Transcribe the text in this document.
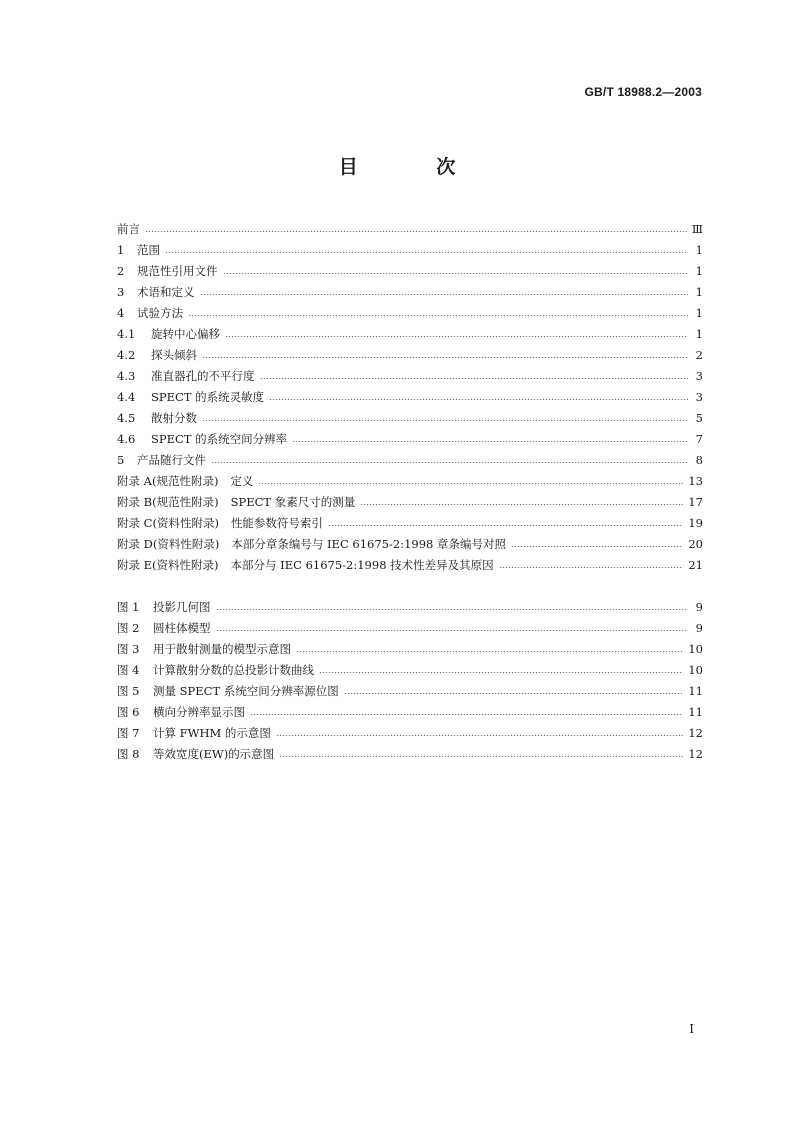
GB/T 18988.2—2003
目 次
前言	Ⅲ
1	范围	1
2	规范性引用文件	1
3	术语和定义	1
4	试验方法	1
4.1	旋转中心偏移	1
4.2	探头倾斜	2
4.3	准直器孔的不平行度	3
4.4	SPECT 的系统灵敏度	3
4.5	散射分数	5
4.6	SPECT 的系统空间分辨率	7
5	产品随行文件	8
附录 A(规范性附录) 定义	13
附录 B(规范性附录) SPECT 象素尺寸的测量	17
附录 C(资料性附录) 性能参数符号索引	19
附录 D(资料性附录) 本部分章条编号与 IEC 61675-2:1998 章条编号对照	20
附录 E(资料性附录) 本部分与 IEC 61675-2:1998 技术性差异及其原因	21
图 1	投影几何图	9
图 2	圆柱体模型	9
图 3	用于散射测量的模型示意图	10
图 4	计算散射分数的总投影计数曲线	10
图 5	测量 SPECT 系统空间分辨率源位图	11
图 6	横向分辨率显示图	11
图 7	计算 FWHM 的示意图	12
图 8	等效宽度(EW)的示意图	12
I
